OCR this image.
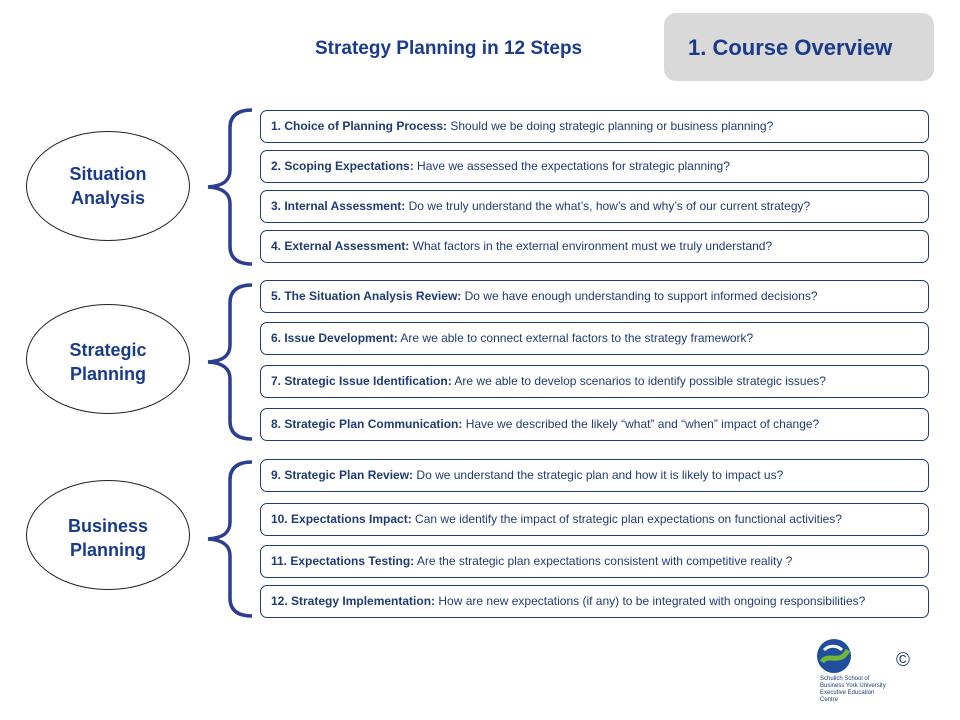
Strategy Planning in 12 Steps	1. Course Overview
Situation
Analysis
Strategic
Planning
Business
Planning
1. Choice of Planning Process: Should we be doing strategic planning or business planning?
2. Scoping Expectations: Have we assessed the expectations for strategic planning?
3. Internal Assessment: Do we truly understand the what’s, how’s and why’s of our current strategy?
4. External Assessment: What factors in the external environment must we truly understand?
5. The Situation Analysis Review: Do we have enough understanding to support informed decisions?
6. Issue Development: Are we able to connect external factors to the strategy framework?
7. Strategic Issue Identification: Are we able to develop scenarios to identify possible strategic issues?
8. Strategic Plan Communication: Have we described the likely “what” and “when” impact of change?
9. Strategic Plan Review: Do we understand the strategic plan and how it is likely to impact us?
10. Expectations Impact: Can we identify the impact of strategic plan expectations on functional activities?
11. Expectations Testing: Are the strategic plan expectations consistent with competitive reality ?
12. Strategy Implementation: How are new expectations (if any) to be integrated with ongoing responsibilities?
Schulich School of Business York University Executive Education Centre
©
